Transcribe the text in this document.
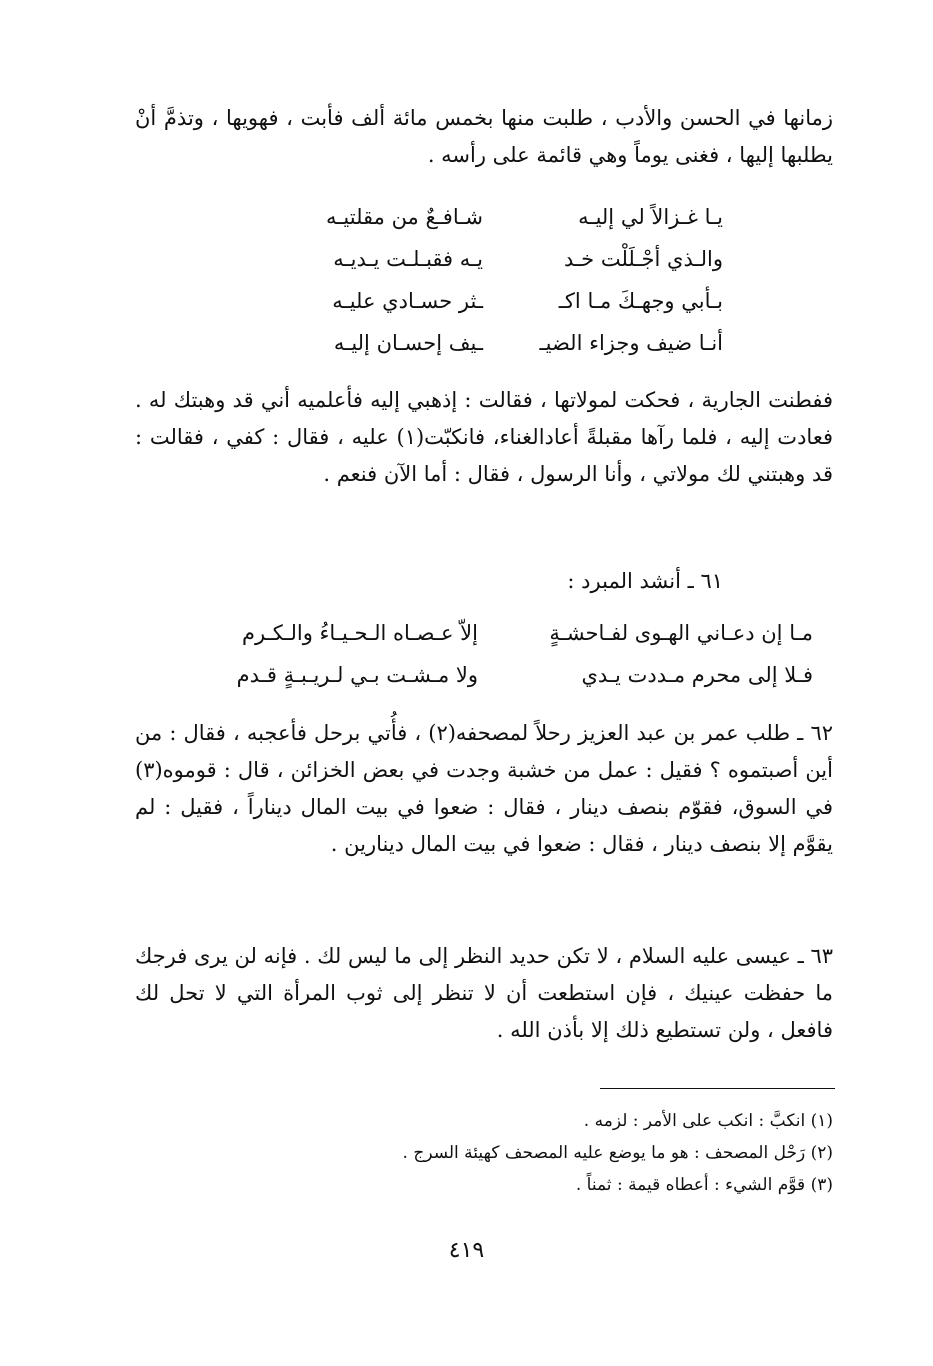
زمانها في الحسن والأدب ، طلبت منها بخمس مائة ألف فأبت ، فهويها ، وتذمَّ أنْ يطلبها إليها ، فغنى يوماً وهي قائمة على رأسه .

يـا غـزالاً لي إليـه
شـافـعٌ من مقلتيـه
والـذي أجْـلَلْت خـد
يـه فقبـلـت يـديـه
بـأبي وجهـكَ مـا اكـ
ـثر حسـادي عليـه
أنـا ضيف وجزاء الضيـ
ـيف إحسـان إليـه

ففطنت الجارية ، فحكت لمولاتها ، فقالت : إذهبي إليه فأعلميه أني قد وهبتك له . فعادت إليه ، فلما رآها مقبلةً أعادالغناء، فانكبّت(١) عليه ، فقال : كفي ، فقالت : قد وهبتني لك مولاتي ، وأنا الرسول ، فقال : أما الآن فنعم .

٦١ ـ أنشد المبرد :
مـا إن دعـاني الهـوى لفـاحشـةٍ
إلاّ عـصـاه الـحـيـاءُ والـكـرم
فـلا إلى محرم مـددت يـدي
ولا مـشـت بـي لـريـبـةٍ قـدم

٦٢ ـ طلب عمر بن عبد العزيز رحلاً لمصحفه(٢) ، فأُتي برحل فأعجبه ، فقال : من أين أصبتموه ؟ فقيل : عمل من خشبة وجدت في بعض الخزائن ، قال : قوموه(٣) في السوق، فقوّم بنصف دينار ، فقال : ضعوا في بيت المال ديناراً ، فقيل : لم يقوَّم إلا بنصف دينار ، فقال : ضعوا في بيت المال دينارين .

٦٣ ـ عيسى عليه السلام ، لا تكن حديد النظر إلى ما ليس لك . فإنه لن يرى فرجك ما حفظت عينيك ، فإن استطعت أن لا تنظر إلى ثوب المرأة التي لا تحل لك فافعل ، ولن تستطيع ذلك إلا بأذن الله .

(١) انكبَّ : انكب على الأمر : لزمه .
(٢) رَحْل المصحف : هو ما يوضع عليه المصحف كهيئة السرج .
(٣) قوَّم الشيء : أعطاه قيمة : ثمناً .
٤١٩
